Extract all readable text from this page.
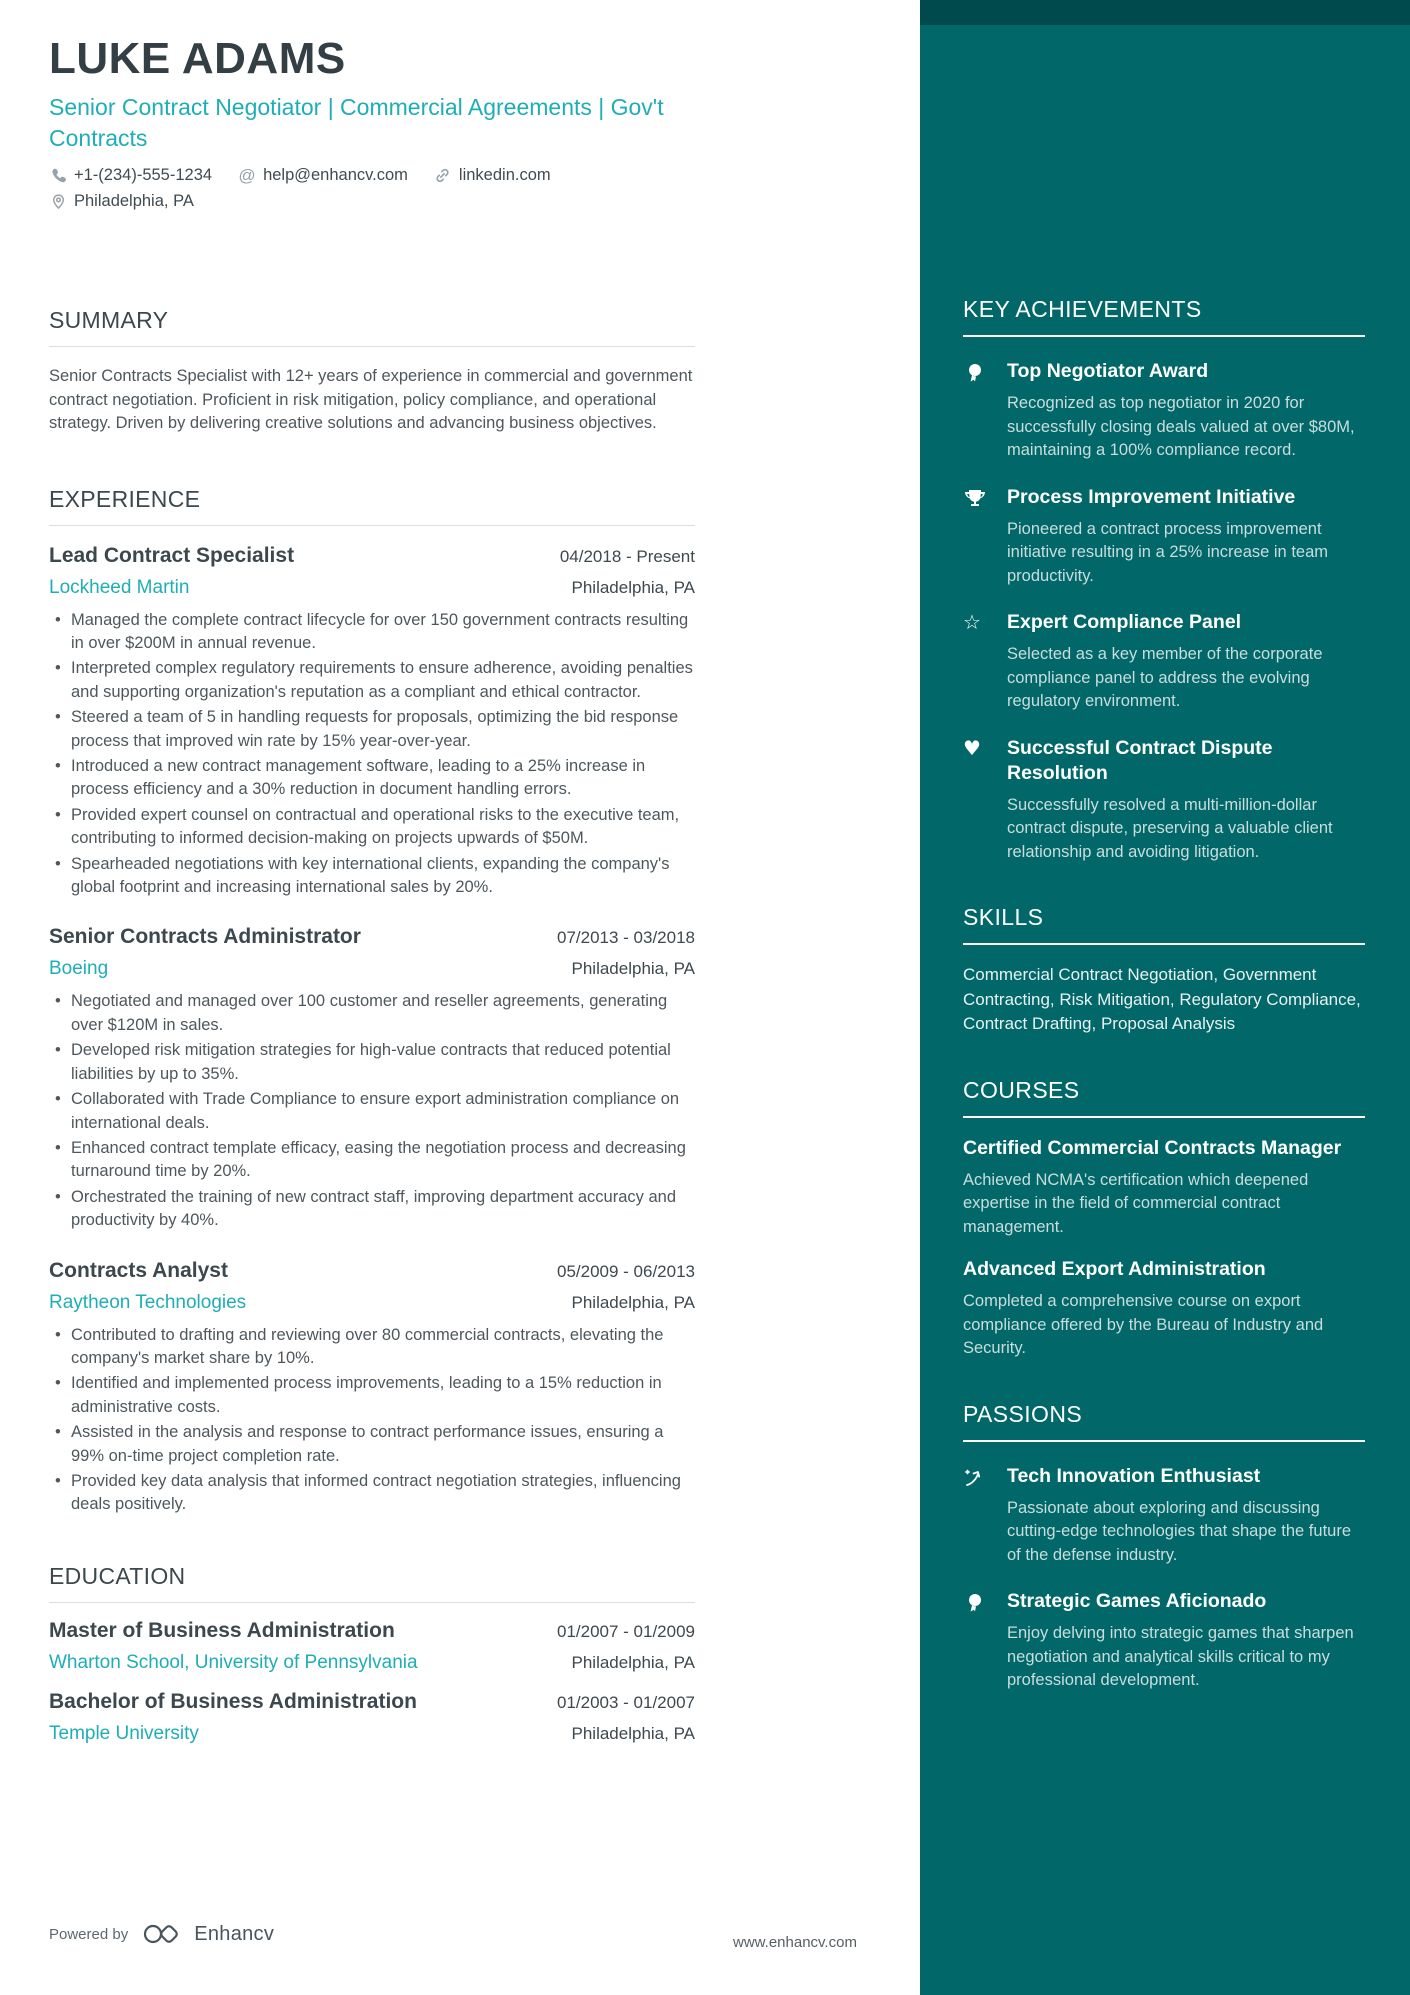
KEY ACHIEVEMENTS
Top Negotiator Award
Recognized as top negotiator in 2020 for successfully closing deals valued at over $80M, maintaining a 100% compliance record.
Process Improvement Initiative
Pioneered a contract process improvement initiative resulting in a 25% increase in team productivity.
☆	Expert Compliance Panel
Selected as a key member of the corporate compliance panel to address the evolving regulatory environment.
♥	Successful Contract Dispute Resolution
Successfully resolved a multi-million-dollar contract dispute, preserving a valuable client relationship and avoiding litigation.
SKILLS
Commercial Contract Negotiation, Government Contracting, Risk Mitigation, Regulatory Compliance, Contract Drafting, Proposal Analysis
COURSES
Certified Commercial Contracts Manager
Achieved NCMA's certification which deepened expertise in the field of commercial contract management.
Advanced Export Administration
Completed a comprehensive course on export compliance offered by the Bureau of Industry and Security.
PASSIONS
Tech Innovation Enthusiast
Passionate about exploring and discussing cutting-edge technologies that shape the future of the defense industry.
Strategic Games Aficionado
Enjoy delving into strategic games that sharpen negotiation and analytical skills critical to my professional development.
LUKE ADAMS
Senior Contract Negotiator | Commercial Agreements | Gov't Contracts
+1-(234)-555-1234 @ help@enhancv.com	linkedin.com
Philadelphia, PA
SUMMARY
Senior Contracts Specialist with 12+ years of experience in commercial and government contract negotiation. Proficient in risk mitigation, policy compliance, and operational strategy. Driven by delivering creative solutions and advancing business objectives.
EXPERIENCE
Lead Contract Specialist	04/2018 - Present
Lockheed Martin	Philadelphia, PA
• Managed the complete contract lifecycle for over 150 government contracts resulting in over $200M in annual revenue.
• Interpreted complex regulatory requirements to ensure adherence, avoiding penalties and supporting organization's reputation as a compliant and ethical contractor.
• Steered a team of 5 in handling requests for proposals, optimizing the bid response process that improved win rate by 15% year-over-year.
• Introduced a new contract management software, leading to a 25% increase in process efficiency and a 30% reduction in document handling errors.
• Provided expert counsel on contractual and operational risks to the executive team, contributing to informed decision-making on projects upwards of $50M.
• Spearheaded negotiations with key international clients, expanding the company's global footprint and increasing international sales by 20%.
Senior Contracts Administrator	07/2013 - 03/2018
Boeing	Philadelphia, PA
• Negotiated and managed over 100 customer and reseller agreements, generating over $120M in sales.
• Developed risk mitigation strategies for high-value contracts that reduced potential liabilities by up to 35%.
• Collaborated with Trade Compliance to ensure export administration compliance on international deals.
• Enhanced contract template efficacy, easing the negotiation process and decreasing turnaround time by 20%.
• Orchestrated the training of new contract staff, improving department accuracy and productivity by 40%.
Contracts Analyst	05/2009 - 06/2013
Raytheon Technologies	Philadelphia, PA
• Contributed to drafting and reviewing over 80 commercial contracts, elevating the company's market share by 10%.
• Identified and implemented process improvements, leading to a 15% reduction in administrative costs.
• Assisted in the analysis and response to contract performance issues, ensuring a 99% on-time project completion rate.
• Provided key data analysis that informed contract negotiation strategies, influencing deals positively.
EDUCATION
Master of Business Administration	01/2007 - 01/2009
Wharton School, University of Pennsylvania	Philadelphia, PA
Bachelor of Business Administration	01/2003 - 01/2007
Temple University	Philadelphia, PA
Powered by	Enhancv	www.enhancv.com
